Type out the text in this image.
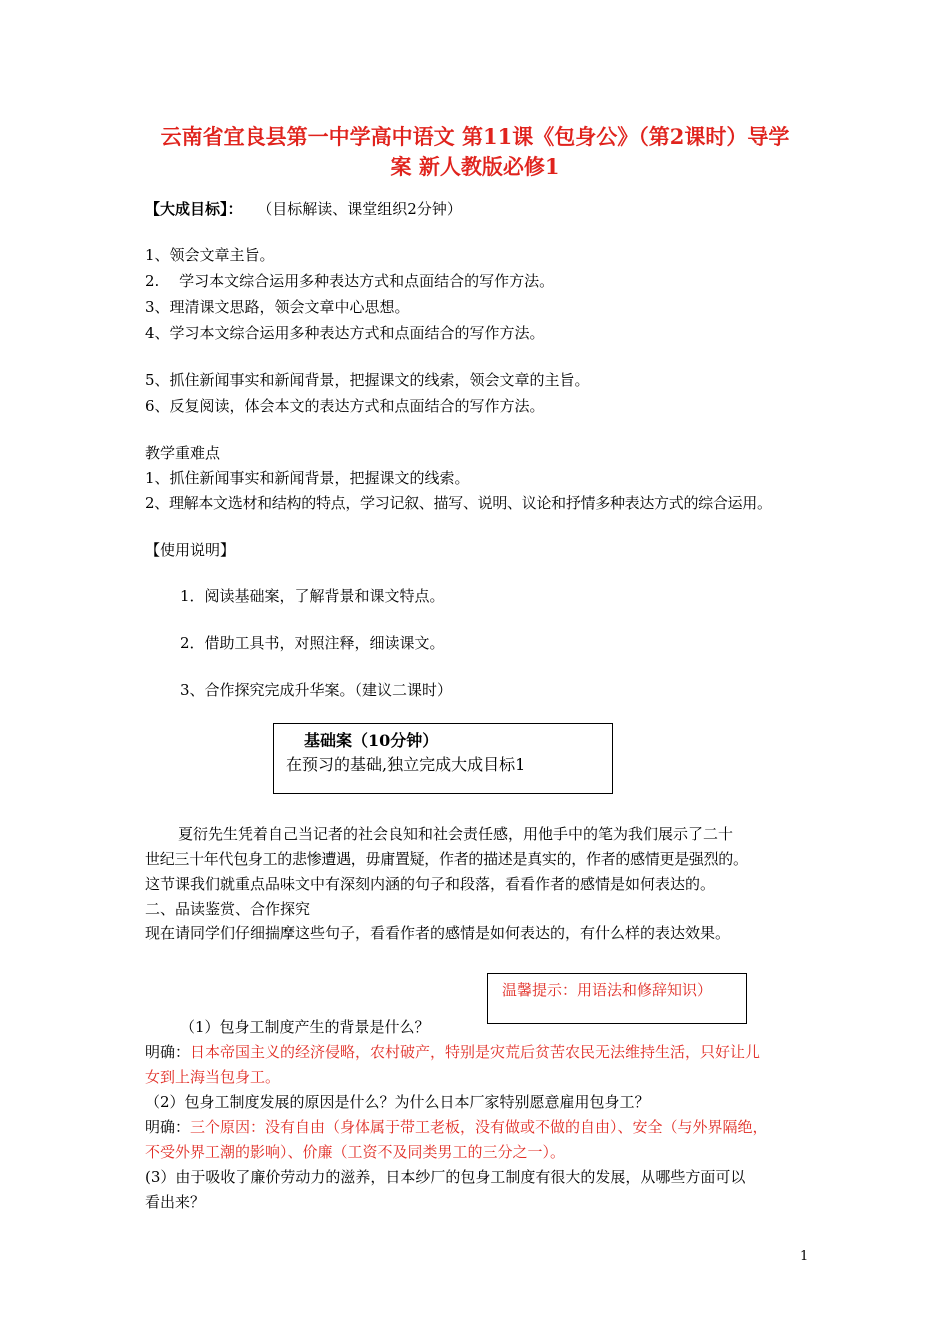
云南省宜良县第一中学高中语文 第11课《包身公》（第2课时）导学
案 新人教版必修1
【大成目标】： （目标解读、课堂组织2分钟）
1、领会文章主旨。
2.　 学习本文综合运用多种表达方式和点面结合的写作方法。
3、理清课文思路，领会文章中心思想。
4、学习本文综合运用多种表达方式和点面结合的写作方法。
5、抓住新闻事实和新闻背景，把握课文的线索，领会文章的主旨。
6、反复阅读，体会本文的表达方式和点面结合的写作方法。
教学重难点
1、抓住新闻事实和新闻背景，把握课文的线索。
2、理解本文选材和结构的特点，学习记叙、描写、说明、议论和抒情多种表达方式的综合运用。
【使用说明】
1．阅读基础案，了解背景和课文特点。
2．借助工具书，对照注释，细读课文。
3、合作探究完成升华案。（建议二课时）
基础案（10分钟）
在预习的基础,独立完成大成目标1
夏衍先生凭着自己当记者的社会良知和社会责任感，用他手中的笔为我们展示了二十
世纪三十年代包身工的悲惨遭遇，毋庸置疑，作者的描述是真实的，作者的感情更是强烈的。
这节课我们就重点品味文中有深刻内涵的句子和段落，看看作者的感情是如何表达的。
二、品读鉴赏、合作探究
现在请同学们仔细揣摩这些句子，看看作者的感情是如何表达的，有什么样的表达效果。
温馨提示：用语法和修辞知识）
（1）包身工制度产生的背景是什么？
明确：日本帝国主义的经济侵略，农村破产，特别是灾荒后贫苦农民无法维持生活，只好让儿
女到上海当包身工。
（2）包身工制度发展的原因是什么？为什么日本厂家特别愿意雇用包身工？
明确：三个原因：没有自由（身体属于带工老板，没有做或不做的自由）、安全（与外界隔绝，
不受外界工潮的影响）、价廉（工资不及同类男工的三分之一）。
(3）由于吸收了廉价劳动力的滋养，日本纱厂的包身工制度有很大的发展，从哪些方面可以
看出来？
1
